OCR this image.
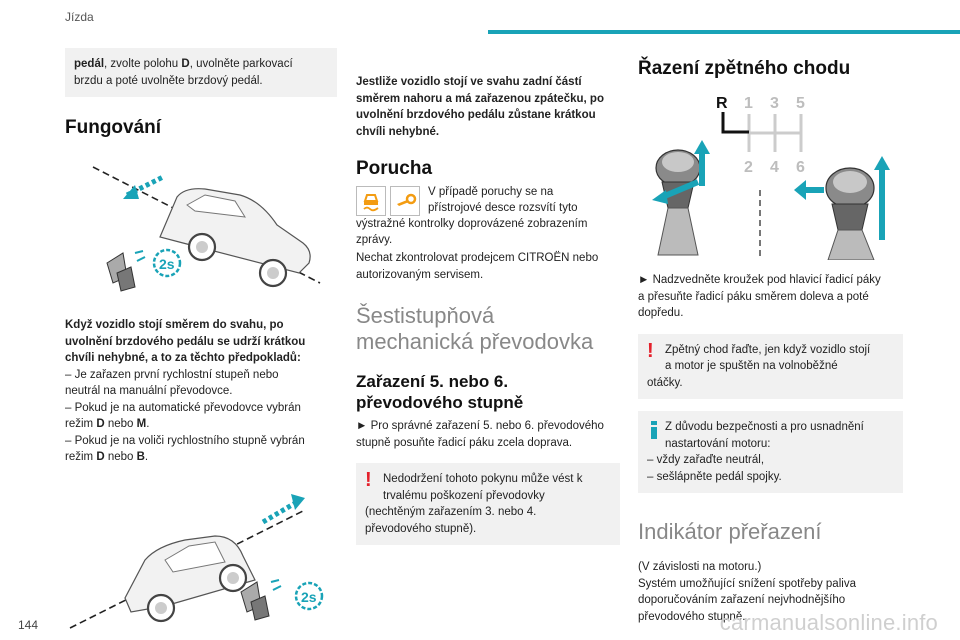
Jízda
pedál, zvolte polohu D, uvolněte parkovací
brzdu a poté uvolněte brzdový pedál.
Fungování
2s
Když vozidlo stojí směrem do svahu, po
uvolnění brzdového pedálu se udrží krátkou
chvíli nehybné, a to za těchto předpokladů:
– Je zařazen první rychlostní stupeň nebo
neutrál na manuální převodovce.
– Pokud je na automatické převodovce vybrán
režim D nebo M.
– Pokud je na voliči rychlostního stupně vybrán
režim D nebo B.
2s
Jestliže vozidlo stojí ve svahu zadní částí
směrem nahoru a má zařazenou zpátečku, po
uvolnění brzdového pedálu zůstane krátkou
chvíli nehybné.
Porucha
V případě poruchy se na
přístrojové desce rozsvítí tyto
výstražné kontrolky doprovázené zobrazením
zprávy.
Nechat zkontrolovat prodejcem CITROËN nebo
autorizovaným servisem.
Šestistupňová
mechanická převodovka
Zařazení 5. nebo 6.
převodového stupně
► Pro správné zařazení 5. nebo 6. převodového
stupně posuňte řadicí páku zcela doprava.
! Nedodržení tohoto pokynu může vést k
trvalému poškození převodovky
(nechtěným zařazením 3. nebo 4.
převodového stupně).
Řazení zpětného chodu
R 1 3 5
2 4 6
► Nadzvedněte kroužek pod hlavicí řadicí páky
a přesuňte řadicí páku směrem doleva a poté
dopředu.
! Zpětný chod řaďte, jen když vozidlo stojí
a motor je spuštěn na volnoběžné
otáčky.
Z důvodu bezpečnosti a pro usnadnění
nastartování motoru:
– vždy zařaďte neutrál,
– sešlápněte pedál spojky.
Indikátor přeřazení
(V závislosti na motoru.)
Systém umožňující snížení spotřeby paliva
doporučováním zařazení nejvhodnějšího
převodového stupně.
144	carmanualsonline.info
